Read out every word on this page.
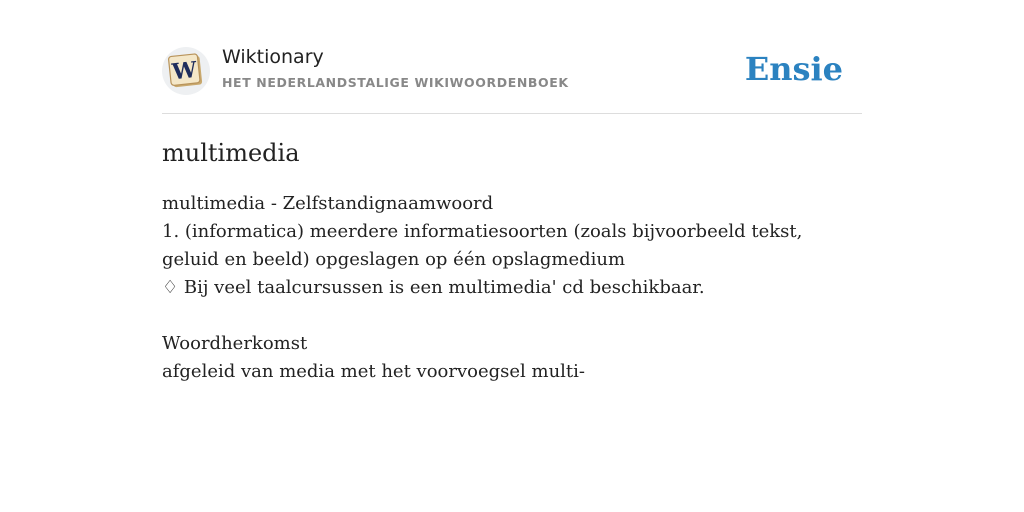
W Wiktionary
HET NEDERLANDSTALIGE WIKIWOORDENBOEK	Ensie
multimedia
multimedia - Zelfstandignaamwoord
1. (informatica) meerdere informatiesoorten (zoals bijvoorbeeld tekst, geluid en beeld) opgeslagen op één opslagmedium
♢ Bij veel taalcursussen is een multimedia' cd beschikbaar.
Woordherkomst
afgeleid van media met het voorvoegsel multi-
